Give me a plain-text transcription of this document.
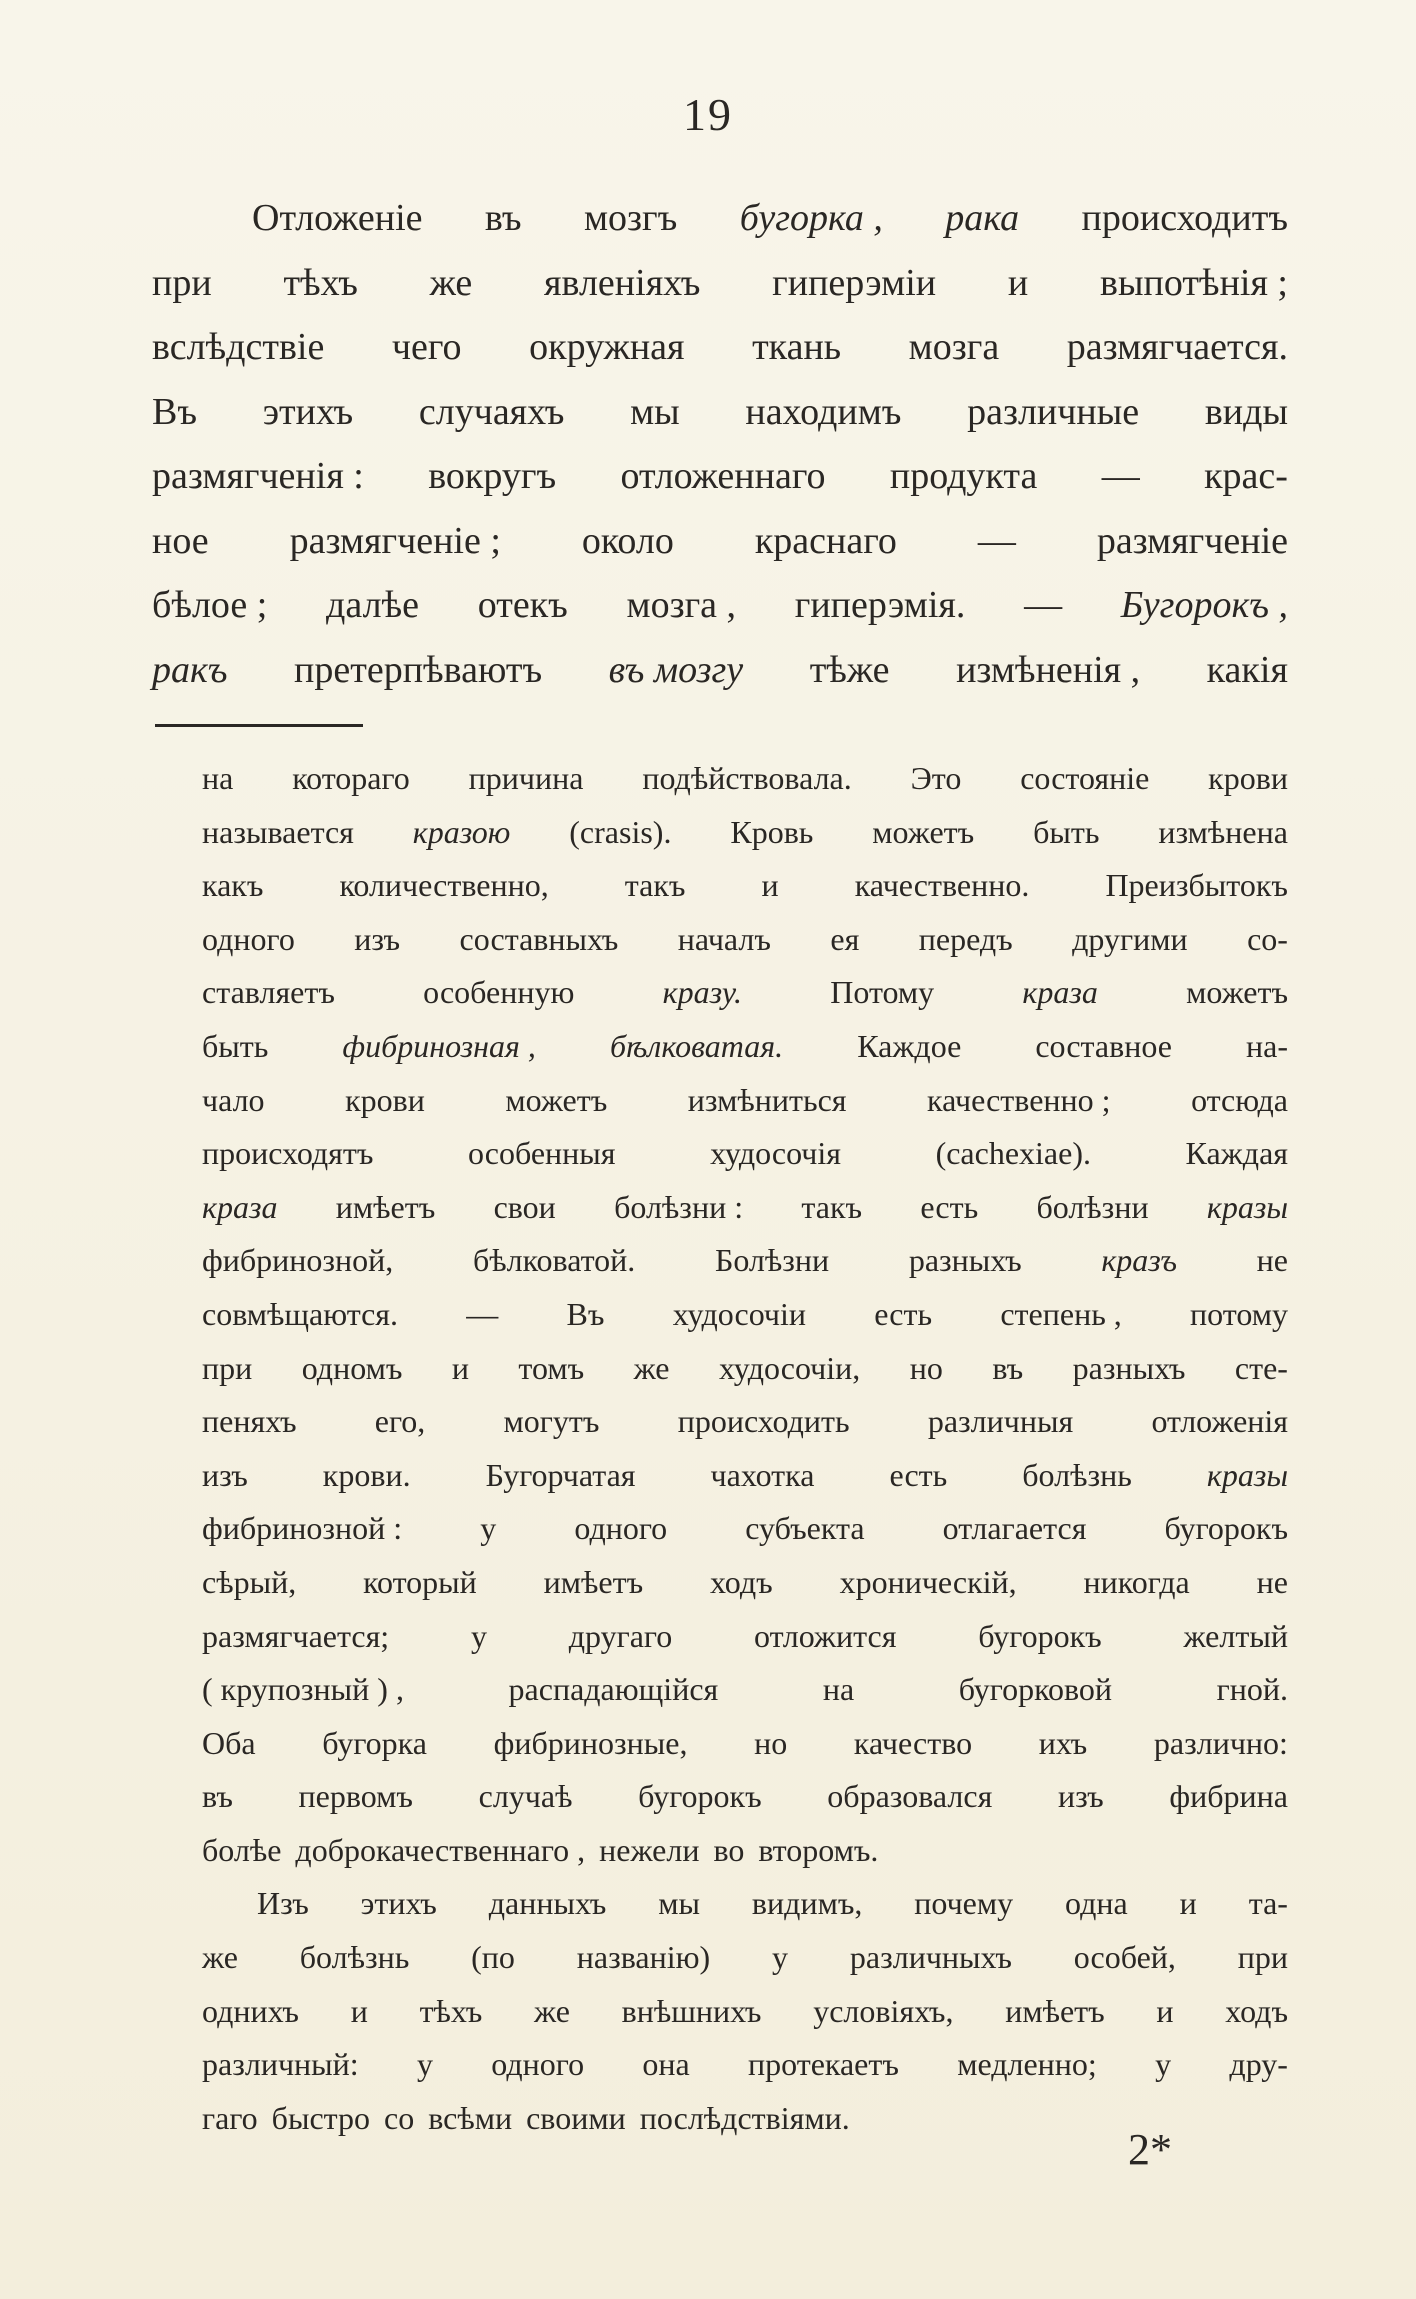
19
Отложеніе въ мозгъ бугорка , рака происходитъ
при тѣхъ же явленіяхъ гиперэміи и выпотѣнія ;
вслѣдствіе чего окружная ткань мозга размягчается.
Въ этихъ случаяхъ мы находимъ различные виды
размягченія : вокругъ отложеннаго продукта — крас-
ное размягченіе ; около краснаго — размягченіе
бѣлое ; далѣе отекъ мозга , гиперэмія. — Бугорокъ ,
ракъ претерпѣваютъ въ мозгу тѣже измѣненія , какія
на котораго причина подѣйствовала. Это состояніе крови
называется кразою (crasis). Кровь можетъ быть измѣнена
какъ количественно, такъ и качественно. Преизбытокъ
одного изъ составныхъ началъ ея передъ другими со-
ставляетъ	особенную	кразу.	Потому	краза	можетъ
быть фибринозная , бѣлковатая. Каждое составное на-
чало	крови	можетъ	измѣниться	качественно ;	отсюда
происходятъ	особенныя	худосочія	(cachexiae).	Каждая
краза имѣетъ свои болѣзни : такъ есть болѣзни кразы
фибринозной, бѣлковатой. Болѣзни разныхъ кразъ не
совмѣщаются. — Въ худосочіи есть степень , потому
при одномъ и томъ же худосочіи, но въ разныхъ сте-
пеняхъ его, могутъ происходить различныя отложенія
изъ крови. Бугорчатая чахотка есть болѣзнь кразы
фибринозной : у одного субъекта отлагается бугорокъ
сѣрый, который имѣетъ ходъ хроническій, никогда не
размягчается;	у	другаго	отложится	бугорокъ	желтый
( крупозный ) ,	распадающійся	на	бугорковой	гной.
Оба бугорка фибринозные, но качество ихъ различно:
въ первомъ случаѣ бугорокъ образовался изъ фибрина
болѣе доброкачественнаго , нежели во второмъ.
Изъ этихъ данныхъ мы видимъ, почему одна и та-
же болѣзнь (по названію) у различныхъ особей, при
однихъ и тѣхъ же внѣшнихъ условіяхъ, имѣетъ и ходъ
различный: у одного она протекаетъ медленно; у дру-
гаго быстро со всѣми своими послѣдствіями.
2*
